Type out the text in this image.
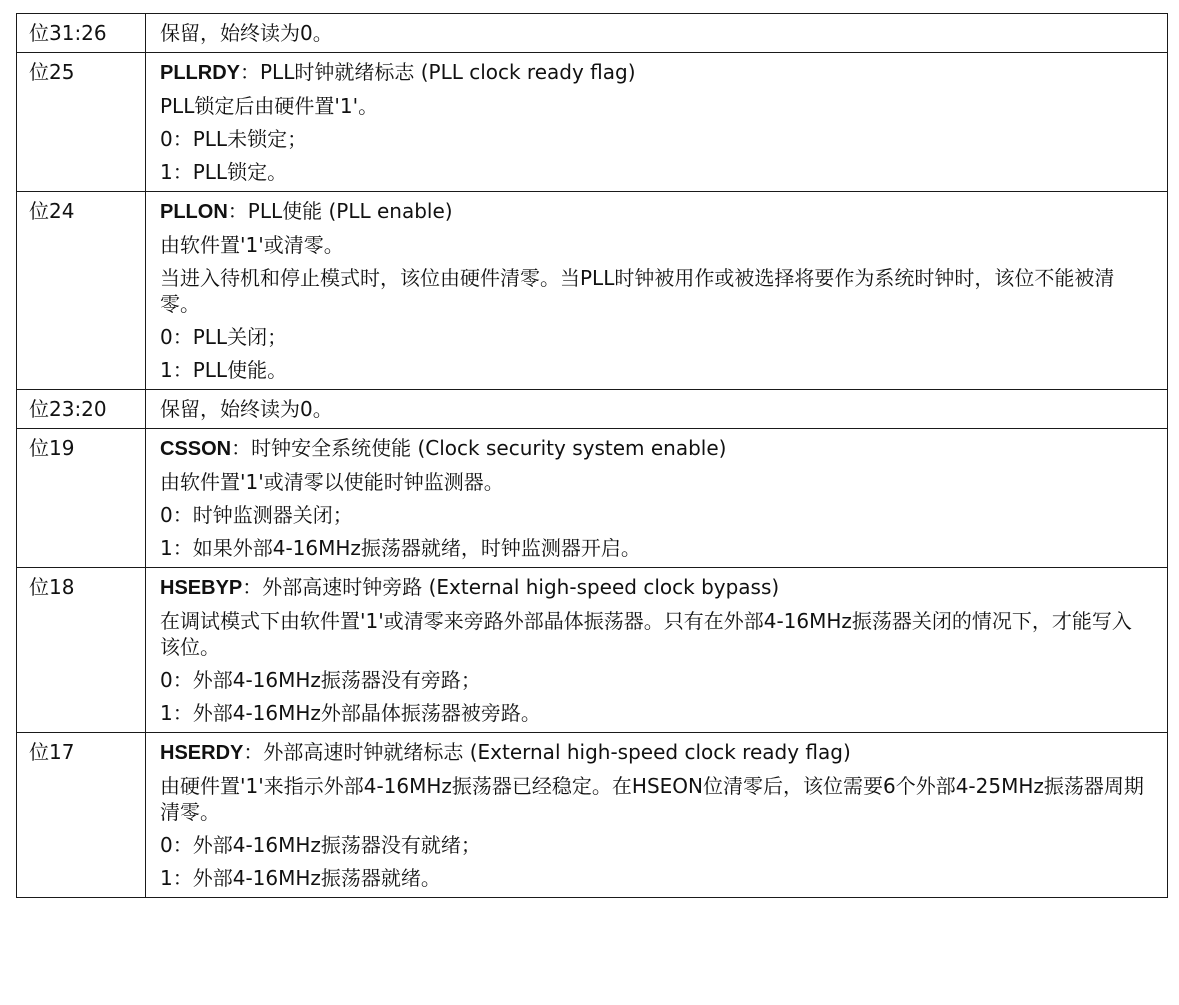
位31:26	保留，始终读为0。

位25	PLLRDY：PLL时钟就绪标志 (PLL clock ready flag)
PLL锁定后由硬件置'1'。
0：PLL未锁定；
1：PLL锁定。

位24	PLLON：PLL使能 (PLL enable)
由软件置'1'或清零。
当进入待机和停止模式时，该位由硬件清零。当PLL时钟被用作或被选择将要作为系统时钟时，该位不能被清零。
0：PLL关闭；
1：PLL使能。

位23:20	保留，始终读为0。

位19	CSSON：时钟安全系统使能 (Clock security system enable)
由软件置'1'或清零以使能时钟监测器。
0：时钟监测器关闭；
1：如果外部4-16MHz振荡器就绪，时钟监测器开启。

位18	HSEBYP：外部高速时钟旁路 (External high-speed clock bypass)
在调试模式下由软件置'1'或清零来旁路外部晶体振荡器。只有在外部4-16MHz振荡器关闭的情况下，才能写入该位。
0：外部4-16MHz振荡器没有旁路；
1：外部4-16MHz外部晶体振荡器被旁路。

位17	HSERDY：外部高速时钟就绪标志 (External high-speed clock ready flag)
由硬件置'1'来指示外部4-16MHz振荡器已经稳定。在HSEON位清零后，该位需要6个外部4-25MHz振荡器周期清零。
0：外部4-16MHz振荡器没有就绪；
1：外部4-16MHz振荡器就绪。
